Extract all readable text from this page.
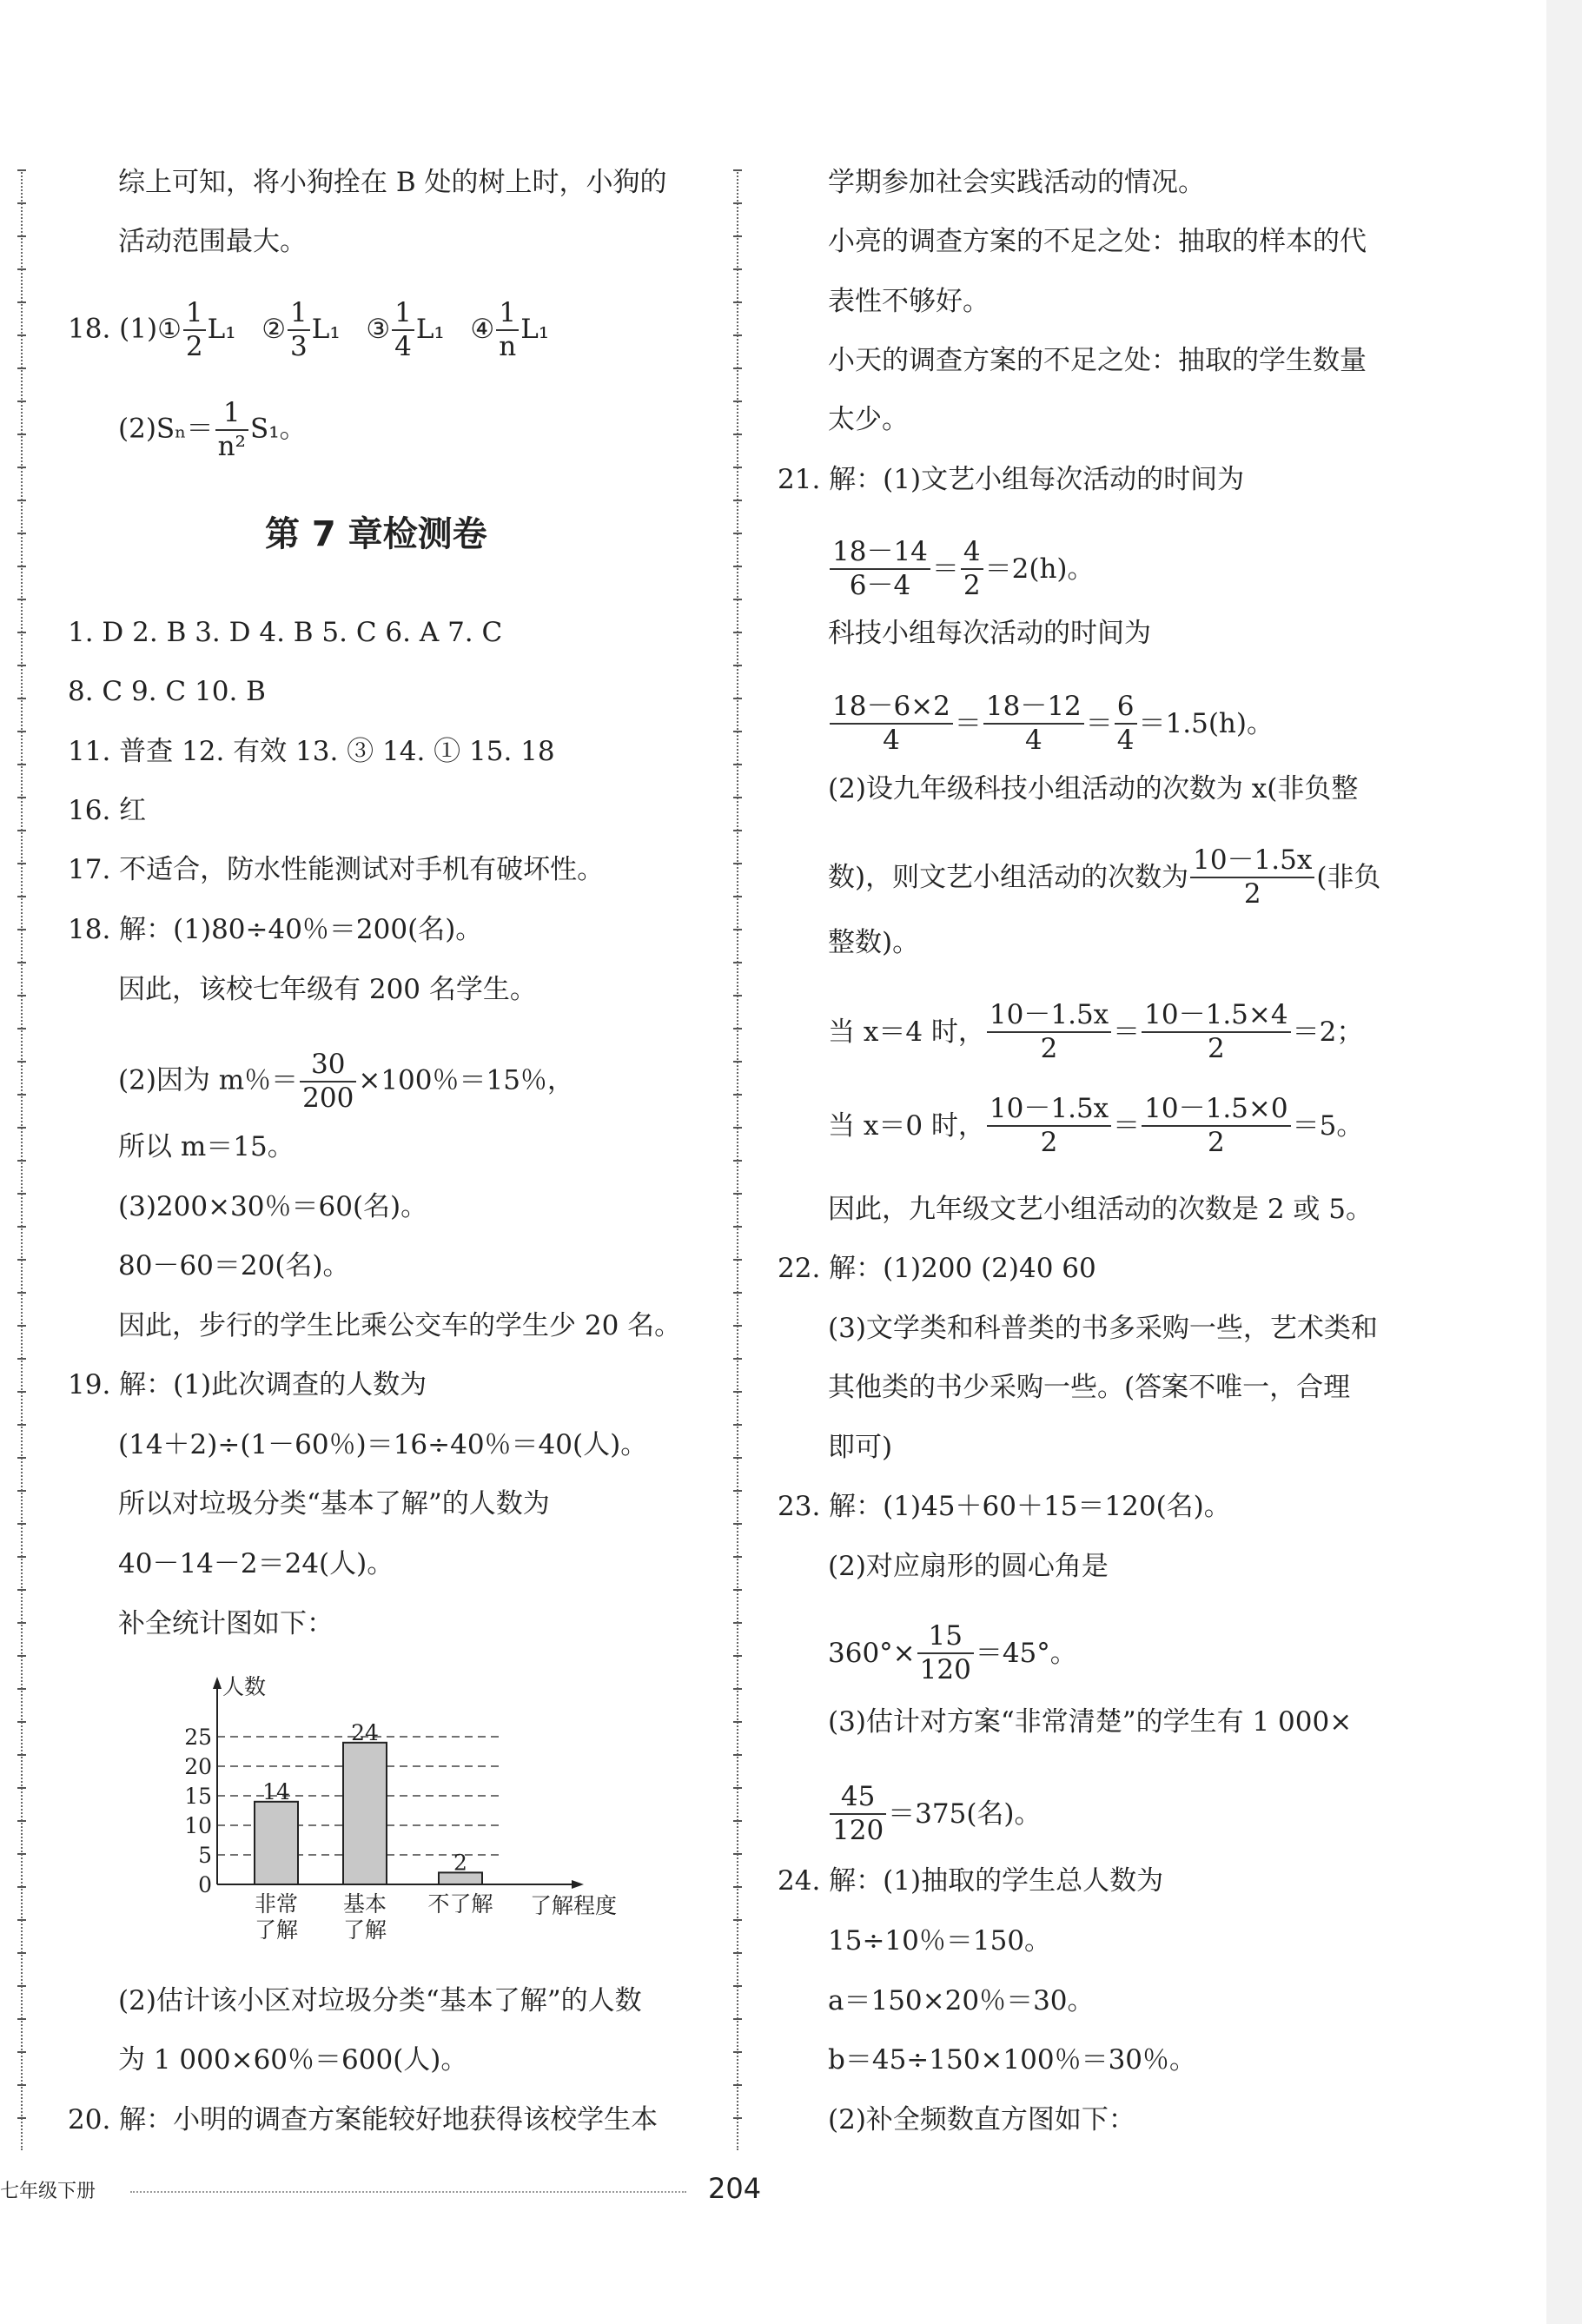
综上可知，将小狗拴在 B 处的树上时，小狗的
活动范围最大。
18. (1)① $\frac{1}{2} L_1$ ② $\frac{1}{3} L_1$ ③ $\frac{1}{4} L_1$ ④ $\frac{1}{n} L_1$
$(2)S_n= \frac{1}{\text{n²}} S_1$。
第 7 章检测卷
1. D 2. B 3. D 4. B 5. C 6. A 7. C
8. C 9. C 10. B
11. 普查 12. 有效 13. ③ 14. ① 15. 18
16. 红
17. 不适合，防水性能测试对手机有破坏性。
18. 解：(1)80÷40％＝200(名)。
因此，该校七年级有 200 名学生。
(2)因为 m％＝ $\frac{30}{200} \times 100$％＝15％，
所以 m＝15。
(3)200×30％＝60(名)。
80－60＝20(名)。
因此，步行的学生比乘公交车的学生少 20 名。
19. 解：(1)此次调查的人数为
(14＋2)÷(1－60％)＝16÷40％＝40(人)。
所以对垃圾分类“基本了解”的人数为
40－14－2＝24(人)。
补全统计图如下：
14
24
2
人数
了解程度
0
5
10
15
20
25
非常
了解
基本
了解
不了解
(2)估计该小区对垃圾分类“基本了解”的人数
为 1 000×60％＝600(人)。
20. 解：小明的调查方案能较好地获得该校学生本
学期参加社会实践活动的情况。
小亮的调查方案的不足之处：抽取的样本的代
表性不够好。
小天的调查方案的不足之处：抽取的学生数量
太少。
21. 解：(1)文艺小组每次活动的时间为
$\frac{18-14}{6-4} = \frac{4}{2} =2(h)$。
科技小组每次活动的时间为
$\frac{18-6\times 2}{4} = \frac{18-12}{4} = \frac{6}{4} =1.5(h)$。
(2)设九年级科技小组活动的次数为 x(非负整
数)，则文艺小组活动的次数为 $\frac{10-1.5x}{2}$ (非负
整数)。
当 x＝4 时， $\frac{10-1.5x}{2} = \frac{10-1.5\times 4}{2} =2$；
当 x＝0 时， $\frac{10-1.5x}{2} = \frac{10-1.5\times 0}{2} =5$。
因此，九年级文艺小组活动的次数是 2 或 5。
22. 解：(1)200 (2)40 60
(3)文学类和科普类的书多采购一些，艺术类和
其他类的书少采购一些。(答案不唯一，合理
即可)
23. 解：(1)45＋60＋15＝120(名)。
(2)对应扇形的圆心角是
$360^\circ\times \frac{15}{120} =45^\circ$。
(3)估计对方案“非常清楚”的学生有 1 000×
$\frac{45}{120} =375$(名)。
24. 解：(1)抽取的学生总人数为
15÷10％＝150。
a＝150×20％＝30。
b＝45÷150×100％＝30％。
(2)补全频数直方图如下：
七年级下册	204
